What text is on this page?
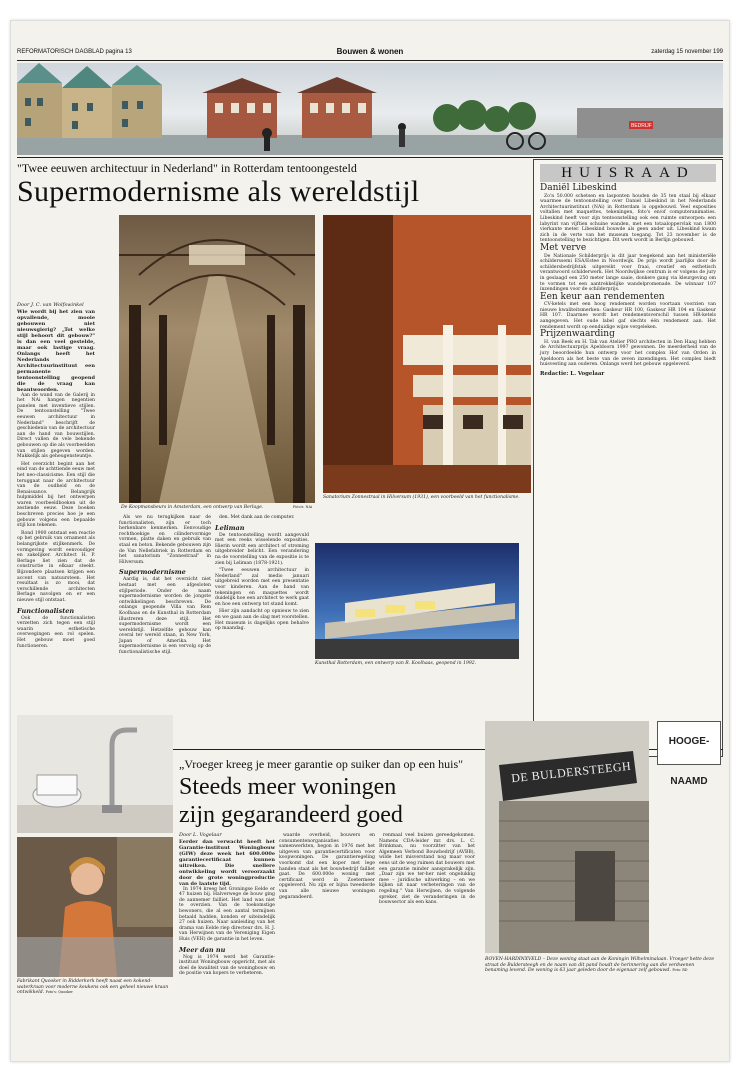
REFORMATORISCH DAGBLAD pagina 13	Bouwen & wonen	zaterdag 15 november 199
BEDRIJF
"Twee eeuwen architectuur in Nederland" in Rotterdam tentoongesteld
Supermodernisme als wereldstijl
Door J. C. van Wolfswinkel
Wie wordt bij het zien van opvallende, mooie gebouwen niet nieuwsgierig? „Tot welke stijl behoort dit gebouw?" is dan een veel gestelde, maar ook lastige vraag. Onlangs heeft het Nederlands Architectuurinstituut een permanente tentoonstelling geopend die de vraag kan beantwoorden.

Aan de wand van de Galerij in het NAi hangen negentien panelen met inventieve stijlen. De tentoonstelling "Twee eeuwen architectuur in Nederland" beschrijft de geschiedenis van de architectuur aan de hand van bouwstijlen. Direct vallen de vele bekende gebouwen op die als voorbeelden van stijlen gegeven worden. Makkelijk als geheugensteuntje.

Het overzicht begint aan het eind van de achttiende eeuw met het neo-classicisme. Een stijl die teruggaat naar de architectuur van de oudheid en de Renaissance. Belangrijk hulpmiddel bij het ontwerpen waren voorbeeldboeken uit de zestiende eeuw. Deze boeken beschreven precies hoe je een gebouw volgens een bepaalde stijl kon tekenen.

Rond 1900 ontstaat een reactie op het gebruik van ornament als belangrijkste stijlkenmerk. De vormgeving wordt eenvoudiger en zakelijker. Architect H. P. Berlage liet zien dat de constructie in elkaar steekt. Bijzondere plaatsen krijgen een accent van natuursteen. Het resultaat is zo mooi, dat verschillende architecten Berlage navolgen en er een nieuwe stijl ontstaat.

Functionalisten

Ook de functionalisten verzetten zich tegen een stijl waarin esthetische overwegingen een rol spelen. Het gebouw moet goed functioneren.

De Koopmansbeurs in Amsterdam, een ontwerp van Berlage.	Foto's: NAi
Sanatorium Zonnestraal in Hilversum (1931), een voorbeeld van het functionalisme.

Als we nu terugkijken naar de functionalisten, zijn er toch herkenbare kenmerken. Eenvoudige rechthoekige en cilindervormige vormen, platte daken en gebruik van staal en beton. Bekende gebouwen zijn de Van Nellefabriek in Rotterdam en het sanatorium "Zonnestraal" in Hilversum.

Supermodernisme

Aardig is, dat het overzicht niet bestaat met een afgesloten stijlperiode. Onder de naam supermodernisme worden de jongste ontwikkelingen beschreven. De onlangs geopende Villa van Rem Koolhaas en de Kunsthal in Rotterdam illustreren deze stijl. Het supermodernisme wordt een wereldstijl. Hetzelfde gebouw kan overal ter wereld staan, in New York, Japan of Amerika. Het supermodernisme is een vervolg op de functionalistische stijl.

den. Met dank aan de computer.

Leliman

De tentoonstelling wordt aangevuld met een reeks wisselende exposities. Hierin wordt een architect of stroming uitgebreider belicht. Een verandering na de voorstelling van de expositie is te zien bij Leliman (1878-1921).

"Twee eeuwen architectuur in Nederland" zal medio januari uitgebreid worden met een presentatie voor kinderen. Aan de hand van tekeningen en maquettes wordt duidelijk hoe een architect te werk gaat en hoe een ontwerp tot stand komt.

Hier zijn aandacht op opnieuw te zien en we gaan aan de slag met voorstellen. Het museum is dagelijks open behalve op maandag.

Kunsthal Rotterdam, een ontwerp van R. Koolhaas, geopend in 1992.
HUISRAAD
Daniël Libeskind

Zo'n 50.000 schetsen en lasponten houden de 35 ten staal bij elkaar waarmee de tentoonstelling over Daniel Libeskind in het Nederlands Architectuurinstituut (NAi) in Rotterdam is opgebouwd. Veel exposities voltallen met maquettes, tekeningen, foto's en/of computeranimaties. Libeskind heeft voor zijn tentoonstelling ook een ruimte ontworpen: een labyrint van vijftien schuine wanden, met een totaaloppervlak van 1800 vierkante meter. Libeskind bouwde als geen ander uit. Libeskind kwam zich in de verte van het museum toegang. Tot 23 november is de tentoonstelling te bezichtigen. Dit werk wordt in Berlijn gebouwd.

Met verve

De Nationale Schilderprijs is dit jaar toegekend aan het ministeriële schilderssemi ESA/Estee in Noordwijk. De prijs wordt jaarlijks door de schildersbedrijfstak uitgereikt voor fraai, creatief en esthetisch verantwoord schilderwerk. Het Noordwijkse centrum is er volgens de jury in geslaagd een 250 meter lange saaie, donkere gang via kleurgeving om te vormen tot een aantrekkelijke wandelpromenade. De winnaar 107 inzendingen voor de schilderprijs.

Een keur aan rendementen

CV-ketels met een hoog rendement worden voortaan voorzien van nieuwe kwaliteitsmerken: Gaskeur HR 100, Gaskeur HR 104 en Gaskeur HR 107. Daarmee wordt het rendementsverschil tussen HR-ketels aangegeven. Het oude label gaf slechts één rendement aan. Het rendement wordt op eenduidige wijze vergeleken.

Prijzenwaarding

H. van Beek en H. Tak van Atelier PRO architecten in Den Haag hebben de Architectuurprijs Apeldoorn 1997 gewonnen. De meerderheid van de jury beoordeelde hun ontwerp voor het complex Hof van Orden in Apeldoorn als het beste van de zeven inzendingen. Het complex biedt huisvesting aan ouderen. Onlangs werd het gebouw opgeleverd.

Redactie: L. Vogelaar
Fabrikant Quooker in Ridderkerk heeft naast een kokend-waterkraan voor moderne keukens ook een geheel nieuwe kraan ontwikkeld. Foto's: Quooker
„Vroeger kreeg je meer garantie op suiker dan op een huis"
Steeds meer woningen
zijn gegarandeerd goed
Door L. Vogelaar
Eerder dan verwacht heeft het Garantie-instituut Woningbouw (GIW) deze week het 600.000e garantiecertificaat kunnen uitreiken. Die snellere ontwikkeling wordt veroorzaakt door de grote woningproductie van de laatste tijd.

In 1974 kreeg het Groningse Eelde er 47 huizen bij. Halverwege de bouw ging de aannemer failliet. Het land was niet te overzien. Van de toekomstige bewoners, die al een aantal termijnen betaald hadden, konden er uiteindelijk 27 ook huizen. Naar aanleiding van het drama van Eelde riep directeur drs. H. J. van Herwijnen van de Vereniging Eigen Huis (VEH) de garantie in het leven.

Meer dan nu

Nog is 1974 werd het Garantie-instituut Woningbouw opgericht, met als doel de kwaliteit van de woningbouw en de positie van kopers te verbeteren.

waarde overheid, bouwers en consumentenorganisaties samenwerkten, begon in 1976 met het uitgeven van garantiecertificaten voor koopwoningen. De garantieregeling voorkomt dat een koper met lege handen staat als het bouwbedrijf failliet gaat. De 600.000e woning met certificaat werd in Zoetermeer opgeleverd. Nu zijn er bijna tweederde van alle nieuwe woningen gegarandeerd.

renmaal veel buizen gereedgekomen. Namens CDA-leider mr. drs. L. C. Brinkman, nu voorzitter van het Algemeen Verbond Bouwbedrijf (AVBB), wilde het misverstand nog maar voor eens uit de weg ruimen dat bouwers met een garantie minder aansprakelijk zijn. „Daar zijn we ter-her niet ongelukkig mee – juridische uitwerking – en we kijken uit naar verbeteringen van de regeling." Van Herwijnen, de volgende spreker, ziet de veranderingen in de bouwsector als een kans.

DE BULDERSTEEGH
HOOGE-NAAMD
BOVEN-HARDINXVELD – Deze woning staat aan de Koningin Wilhelminalaan. Vroeger hette deze straat de Buldersteegh en de naam van dit pand houdt de herinnering aan die verdwenen benaming levend. De woning is 63 jaar geleden door de eigenaar zelf gebouwd. Foto: RD
